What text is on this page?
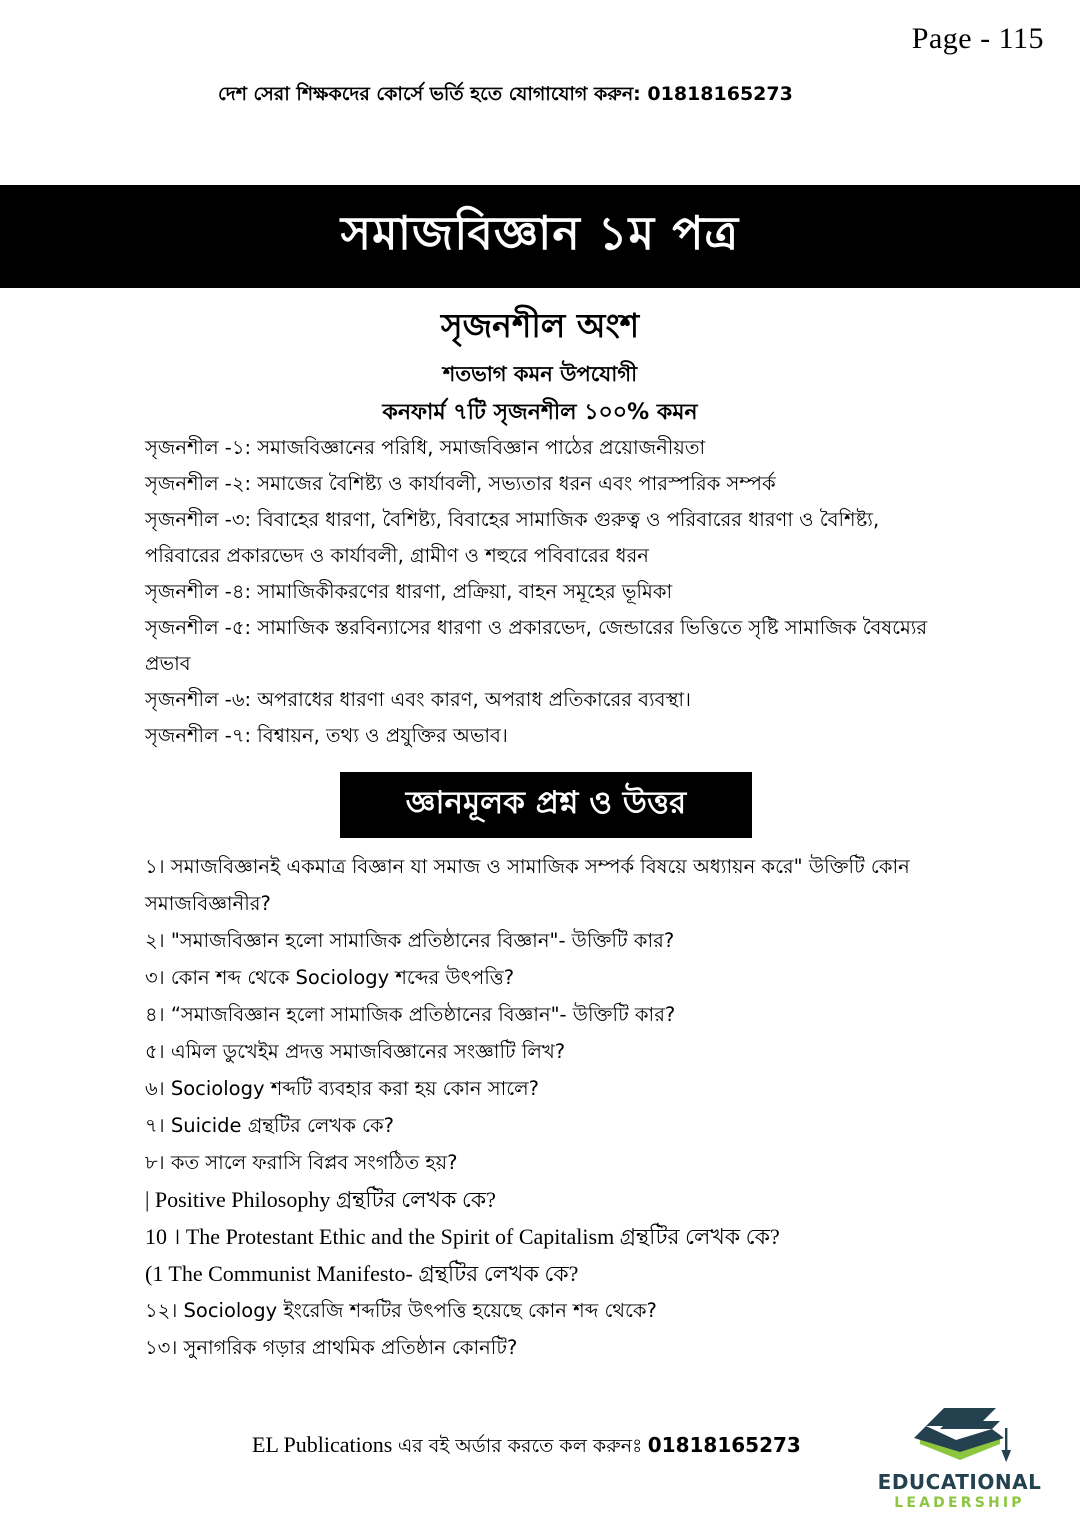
Page - 115
দেশ সেরা শিক্ষকদের কোর্সে ভর্তি হতে যোগাযোগ করুন: 01818165273
সমাজবিজ্ঞান ১ম পত্র
সৃজনশীল অংশ
শতভাগ কমন উপযোগী
কনফার্ম ৭টি সৃজনশীল ১০০% কমন
সৃজনশীল -১: সমাজবিজ্ঞানের পরিধি, সমাজবিজ্ঞান পাঠের প্রয়োজনীয়তা
সৃজনশীল -২: সমাজের বৈশিষ্ট্য ও কার্যাবলী, সভ্যতার ধরন এবং পারস্পরিক সম্পর্ক
সৃজনশীল -৩: বিবাহের ধারণা, বৈশিষ্ট্য, বিবাহের সামাজিক গুরুত্ব ও পরিবারের ধারণা ও বৈশিষ্ট্য, পরিবারের প্রকারভেদ ও কার্যাবলী, গ্রামীণ ও শহুরে পবিবারের ধরন
সৃজনশীল -৪: সামাজিকীকরণের ধারণা, প্রক্রিয়া, বাহন সমূহের ভূমিকা
সৃজনশীল -৫: সামাজিক স্তরবিন্যাসের ধারণা ও প্রকারভেদ, জেন্ডারের ভিত্তিতে সৃষ্টি সামাজিক বৈষম্যের প্রভাব
সৃজনশীল -৬: অপরাধের ধারণা এবং কারণ, অপরাধ প্রতিকারের ব্যবস্থা।
সৃজনশীল -৭: বিশ্বায়ন, তথ্য ও প্রযুক্তির অভাব।
জ্ঞানমূলক প্রশ্ন ও উত্তর
১। সমাজবিজ্ঞানই একমাত্র বিজ্ঞান যা সমাজ ও সামাজিক সম্পর্ক বিষয়ে অধ্যায়ন করে" উক্তিটি কোন
সমাজবিজ্ঞানীর?
২। "সমাজবিজ্ঞান হলো সামাজিক প্রতিষ্ঠানের বিজ্ঞান"- উক্তিটি কার?
৩। কোন শব্দ থেকে Sociology শব্দের উৎপত্তি?
৪। “সমাজবিজ্ঞান হলো সামাজিক প্রতিষ্ঠানের বিজ্ঞান"- উক্তিটি কার?
৫। এমিল ডুখেইম প্রদত্ত সমাজবিজ্ঞানের সংজ্ঞাটি লিখ?
৬। Sociology শব্দটি ব্যবহার করা হয় কোন সালে?
৭। Suicide গ্রন্থটির লেখক কে?
৮। কত সালে ফরাসি বিপ্লব সংগঠিত হয়?
| Positive Philosophy গ্রন্থটির লেখক কে?
10 । The Protestant Ethic and the Spirit of Capitalism গ্রন্থটির লেখক কে?
(1 The Communist Manifesto- গ্রন্থটির লেখক কে?
১২। Sociology ইংরেজি শব্দটির উৎপত্তি হয়েছে কোন শব্দ থেকে?
১৩। সুনাগরিক গড়ার প্রাথমিক প্রতিষ্ঠান কোনটি?
EL Publications এর বই অর্ডার করতে কল করুনঃ 01818165273
EDUCATIONAL
LEADERSHIP
